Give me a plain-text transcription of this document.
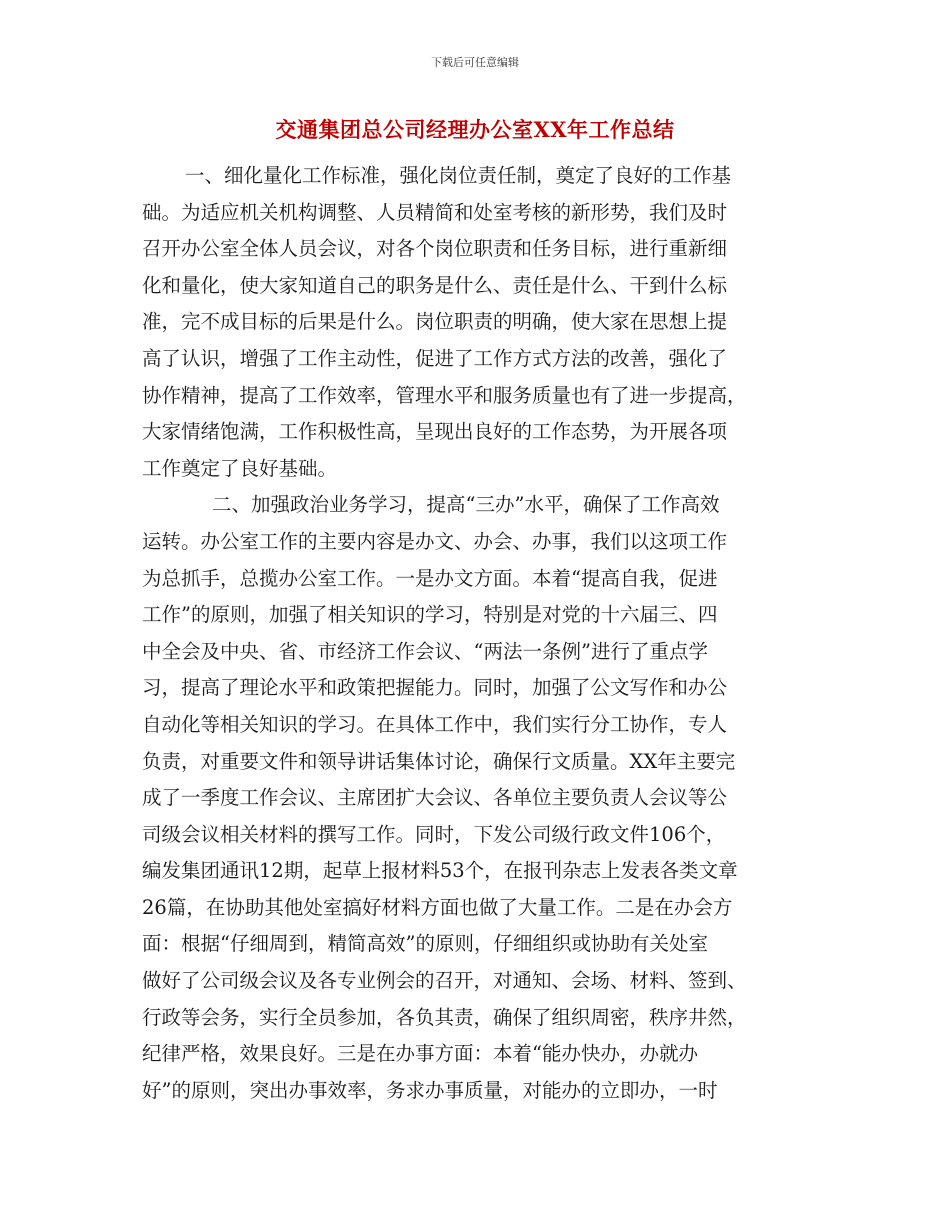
下载后可任意编辑
交通集团总公司经理办公室XX年工作总结
一、细化量化工作标准，强化岗位责任制，奠定了良好的工作基
础。为适应机关机构调整、人员精简和处室考核的新形势，我们及时
召开办公室全体人员会议，对各个岗位职责和任务目标，进行重新细
化和量化，使大家知道自己的职务是什么、责任是什么、干到什么标
准，完不成目标的后果是什么。岗位职责的明确，使大家在思想上提
高了认识，增强了工作主动性，促进了工作方式方法的改善，强化了
协作精神，提高了工作效率，管理水平和服务质量也有了进一步提高，
大家情绪饱满，工作积极性高，呈现出良好的工作态势，为开展各项
工作奠定了良好基础。
二、加强政治业务学习，提高“三办”水平，确保了工作高效
运转。办公室工作的主要内容是办文、办会、办事，我们以这项工作
为总抓手，总揽办公室工作。一是办文方面。本着“提高自我，促进
工作”的原则，加强了相关知识的学习，特别是对党的十六届三、四
中全会及中央、省、市经济工作会议、“两法一条例”进行了重点学
习，提高了理论水平和政策把握能力。同时，加强了公文写作和办公
自动化等相关知识的学习。在具体工作中，我们实行分工协作，专人
负责，对重要文件和领导讲话集体讨论，确保行文质量。XX年主要完
成了一季度工作会议、主席团扩大会议、各单位主要负责人会议等公
司级会议相关材料的撰写工作。同时，下发公司级行政文件106个，
编发集团通讯12期，起草上报材料53个，在报刊杂志上发表各类文章
26篇，在协助其他处室搞好材料方面也做了大量工作。二是在办会方
面：根据“仔细周到，精简高效”的原则，仔细组织或协助有关处室
做好了公司级会议及各专业例会的召开，对通知、会场、材料、签到、
行政等会务，实行全员参加，各负其责，确保了组织周密，秩序井然，
纪律严格，效果良好。三是在办事方面：本着“能办快办，办就办
好”的原则，突出办事效率，务求办事质量，对能办的立即办，一时
